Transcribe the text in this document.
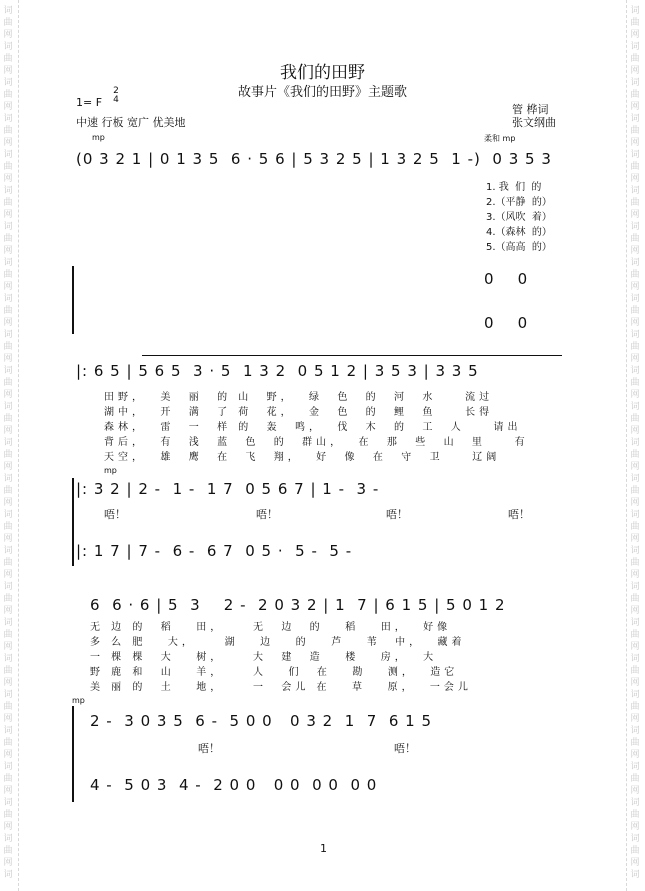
词
曲
网
词
曲
网
词
曲
网
词
曲
网
词
曲
网
词
曲
网
词
曲
网
词
曲
网
词
曲
网
词
曲
网
词
曲
网
词
曲
网
词
曲
网
词
曲
网
词
曲
网
词
曲
网
词
曲
网
词
曲
网
词
曲
网
词
曲
网
词
曲
网
词
曲
网
词
曲
网
词
曲
网
词
词
曲
网
词
曲
网
词
曲
网
词
曲
网
词
曲
网
词
曲
网
词
曲
网
词
曲
网
词
曲
网
词
曲
网
词
曲
网
词
曲
网
词
曲
网
词
曲
网
词
曲
网
词
曲
网
词
曲
网
词
曲
网
词
曲
网
词
曲
网
词
曲
网
词
曲
网
词
曲
网
词
曲
网
词
我们的田野
故事片《我们的田野》主题歌
1= F
2
4
中速 行板 宽广 优美地
管 桦词
张文纲曲
mp	柔和 mp
(0 3 2 1 | 0 1 3 5  6 · 5 6 | 5 3 2 5 | 1 3 2 5  1 -)  0 3 5 3
1. 我  们  的
2.（平静  的）
3.（风吹  着）
4.（森林  的）
5.（高高  的）
0    0
0    0
|: 6 5 | 5 6 5  3 · 5  1 3 2  0 5 1 2 | 3 5 3 | 3 3 5
田野，  美  丽  的 山  野，  绿  色  的  河  水    流过
湖中，  开  满  了 荷  花，  金  色  的  鲤  鱼    长得
森林，  雷  一  样 的  轰  鸣，  伐  木  的  工  人    请出
背后，  有  浅  蓝  色  的  群山，  在  那  些  山  里    有
天空，  雄  鹰  在  飞  翔，  好  像  在  守  卫    辽阔
mp
|: 3 2 | 2 -  1 -  1 7  0 5 6 7 | 1 -  3 -
唔！	唔！	唔！	唔！
|: 1 7 | 7 -  6 -  6 7  0 5 ·  5 -  5 -
6  6 · 6 | 5  3    2 -  2 0 3 2 | 1  7 | 6 1 5 | 5 0 1 2
无 边 的  稻   田，    无  边  的   稻   田，  好像
多 么 肥   大，    湖   边   的   芦   苇  中，  藏着
一 棵 棵  大   树，    大  建  造   楼   房，  大
野 鹿 和  山   羊，    人   们  在   勘   测，  造它
美 丽 的  土   地，    一  会儿 在   草   原，  一会儿
mp
2 -  3 0 3 5  6 -  5 0 0   0 3 2  1  7  6 1 5
唔！	唔！
4 -  5 0 3  4 -  2 0 0   0 0  0 0  0 0
1
